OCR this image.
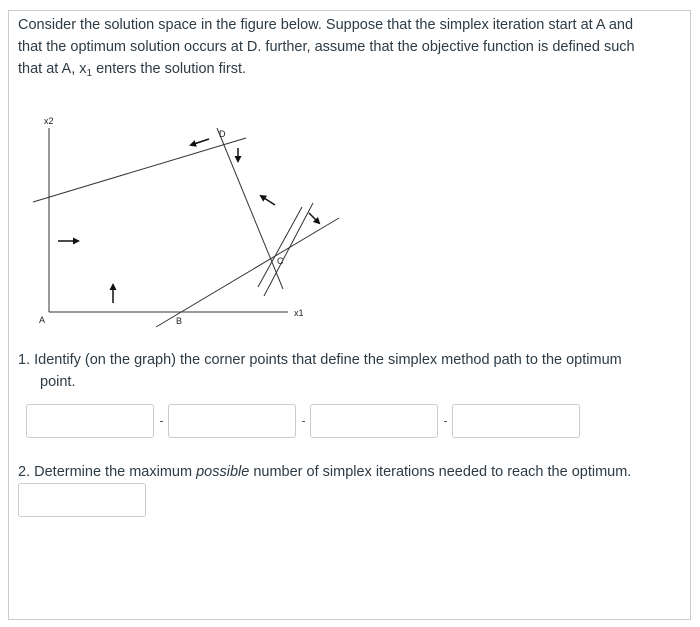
Consider the solution space in the figure below. Suppose that the simplex iteration start at A and

that the optimum solution occurs at D. further, assume that the objective function is defined such

that at A, $x_1$ enters the solution first.

x2
x1
A	B
C
D
1. Identify (on the graph) the corner points that define the simplex method path to the optimum
point.
2. Determine the maximum possible number of simplex iterations needed to reach the optimum.
